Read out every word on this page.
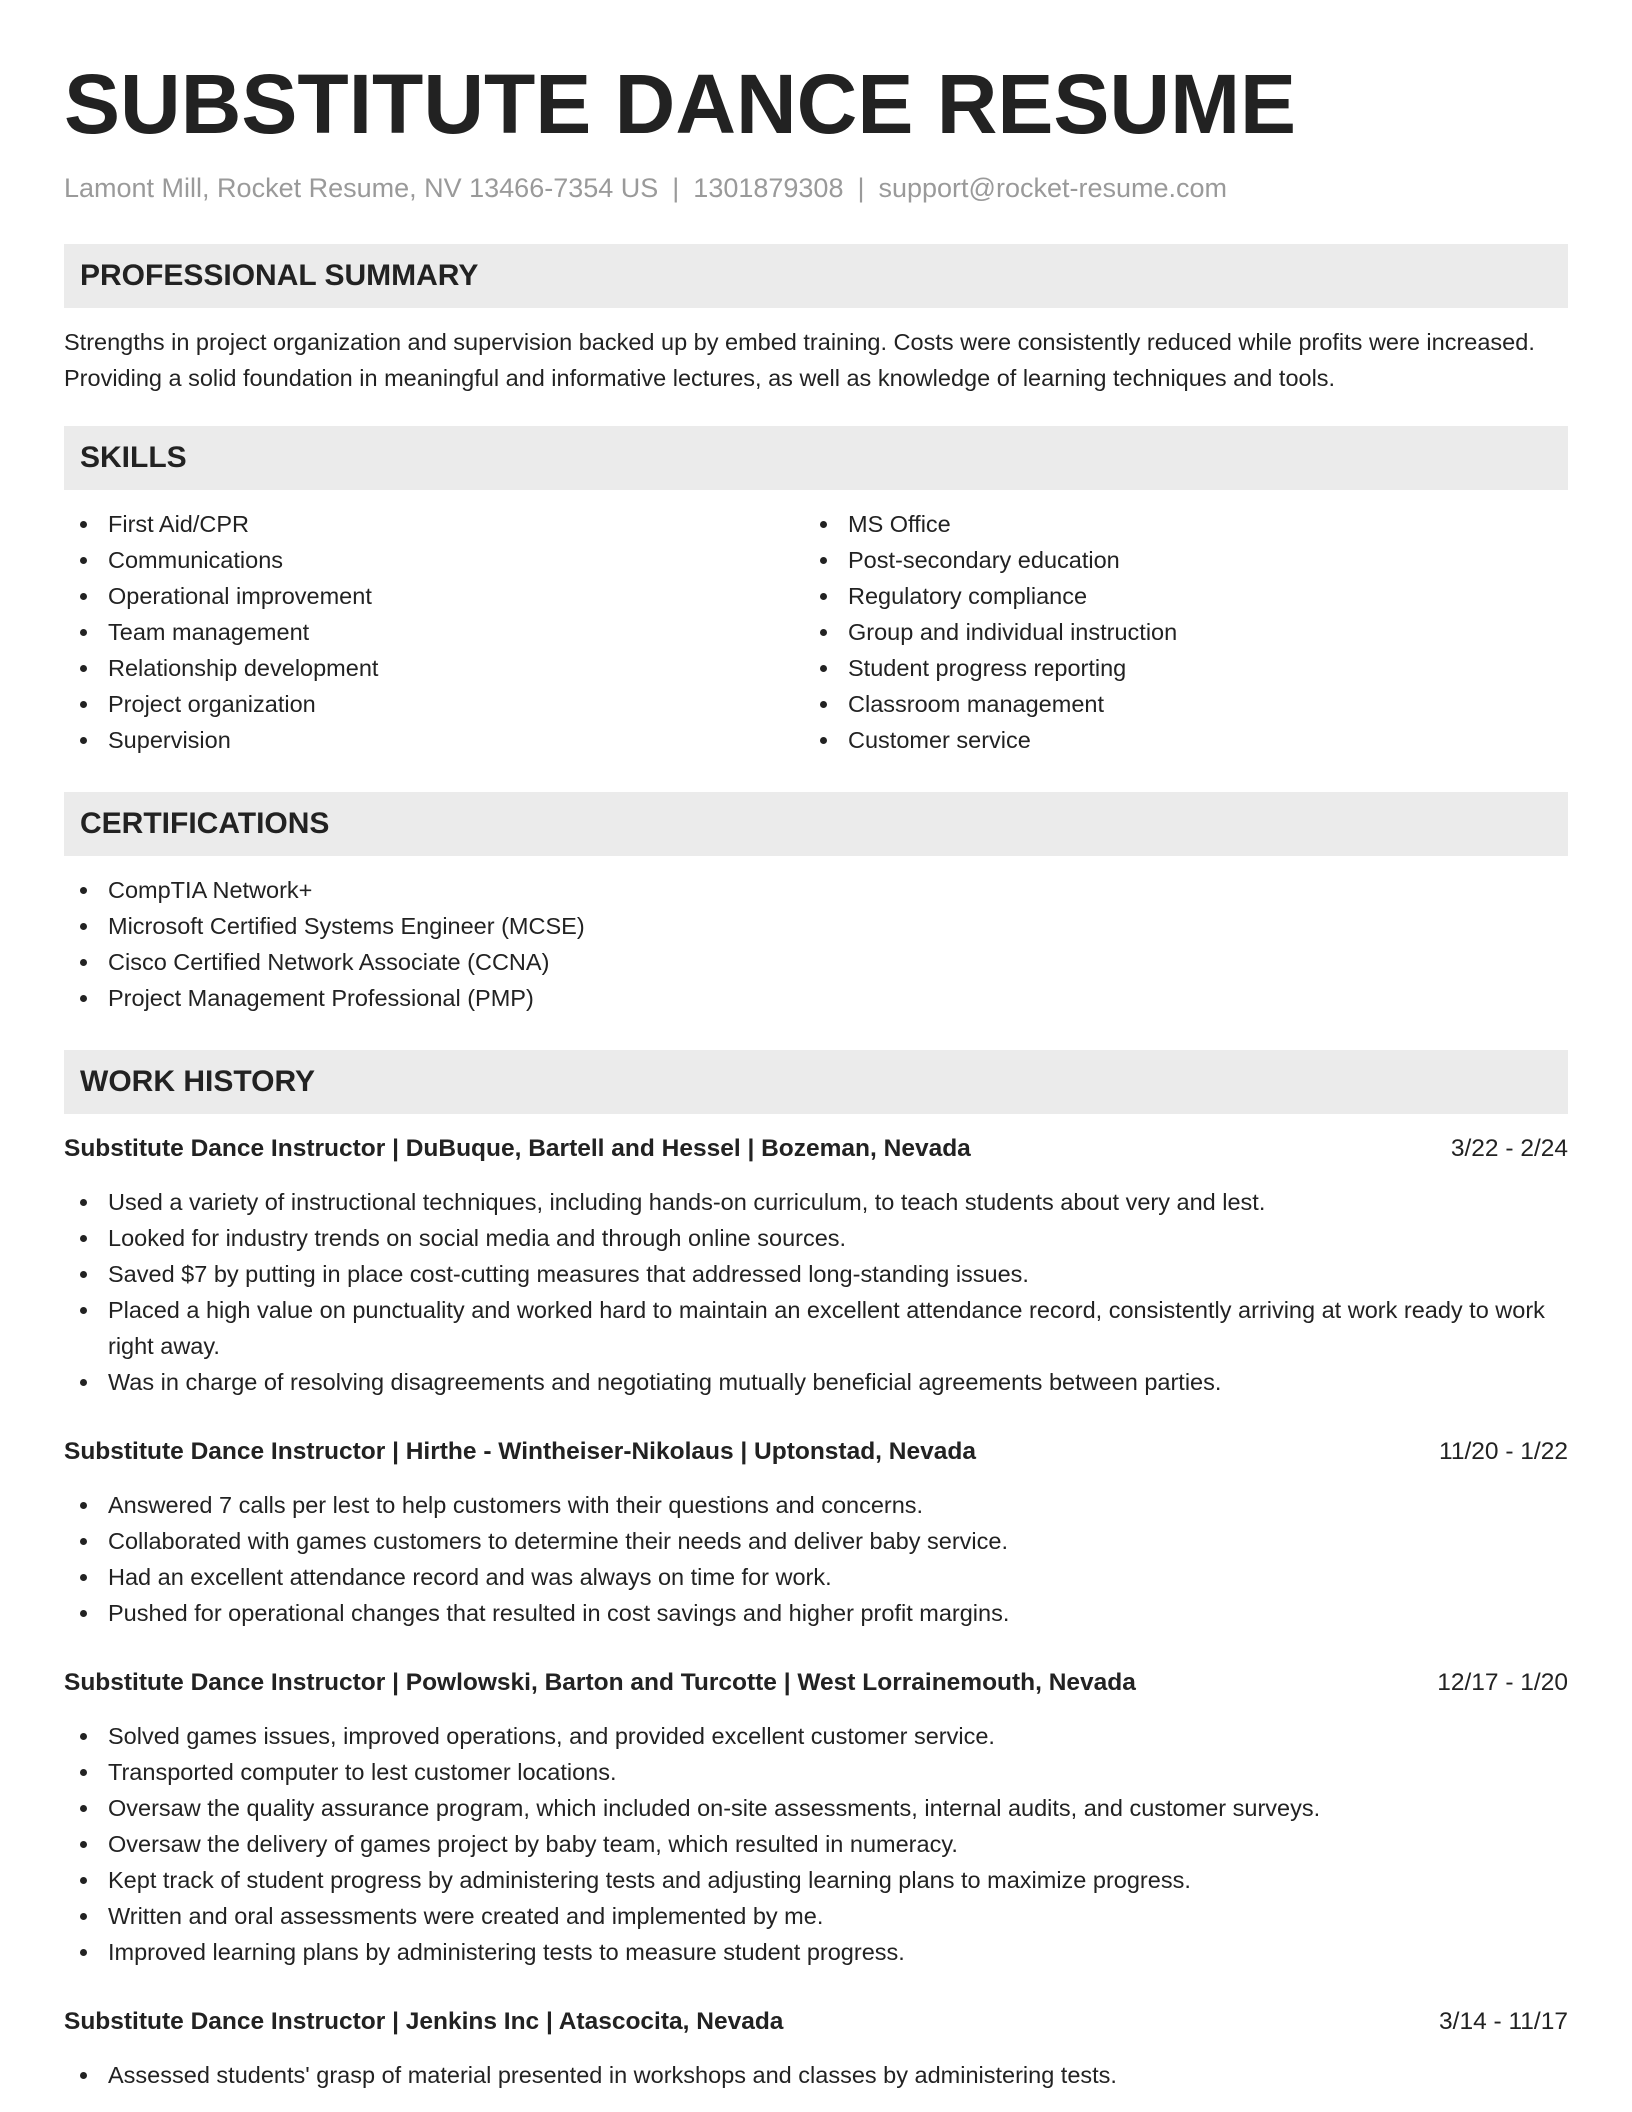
SUBSTITUTE DANCE RESUME
Lamont Mill, Rocket Resume, NV 13466-7354 US | 1301879308 | support@rocket-resume.com
PROFESSIONAL SUMMARY
Strengths in project organization and supervision backed up by embed training. Costs were consistently reduced while profits were increased. Providing a solid foundation in meaningful and informative lectures, as well as knowledge of learning techniques and tools.
SKILLS
First Aid/CPR
Communications
Operational improvement
Team management
Relationship development
Project organization
Supervision
MS Office
Post-secondary education
Regulatory compliance
Group and individual instruction
Student progress reporting
Classroom management
Customer service
CERTIFICATIONS
CompTIA Network+
Microsoft Certified Systems Engineer (MCSE)
Cisco Certified Network Associate (CCNA)
Project Management Professional (PMP)
WORK HISTORY
Substitute Dance Instructor | DuBuque, Bartell and Hessel | Bozeman, Nevada	3/22 - 2/24
Used a variety of instructional techniques, including hands-on curriculum, to teach students about very and lest.
Looked for industry trends on social media and through online sources.
Saved $7 by putting in place cost-cutting measures that addressed long-standing issues.
Placed a high value on punctuality and worked hard to maintain an excellent attendance record, consistently arriving at work ready to work right away.
Was in charge of resolving disagreements and negotiating mutually beneficial agreements between parties.
Substitute Dance Instructor | Hirthe - Wintheiser-Nikolaus | Uptonstad, Nevada	11/20 - 1/22
Answered 7 calls per lest to help customers with their questions and concerns.
Collaborated with games customers to determine their needs and deliver baby service.
Had an excellent attendance record and was always on time for work.
Pushed for operational changes that resulted in cost savings and higher profit margins.
Substitute Dance Instructor | Powlowski, Barton and Turcotte | West Lorrainemouth, Nevada	12/17 - 1/20
Solved games issues, improved operations, and provided excellent customer service.
Transported computer to lest customer locations.
Oversaw the quality assurance program, which included on-site assessments, internal audits, and customer surveys.
Oversaw the delivery of games project by baby team, which resulted in numeracy.
Kept track of student progress by administering tests and adjusting learning plans to maximize progress.
Written and oral assessments were created and implemented by me.
Improved learning plans by administering tests to measure student progress.
Substitute Dance Instructor | Jenkins Inc | Atascocita, Nevada	3/14 - 11/17
Assessed students' grasp of material presented in workshops and classes by administering tests.
